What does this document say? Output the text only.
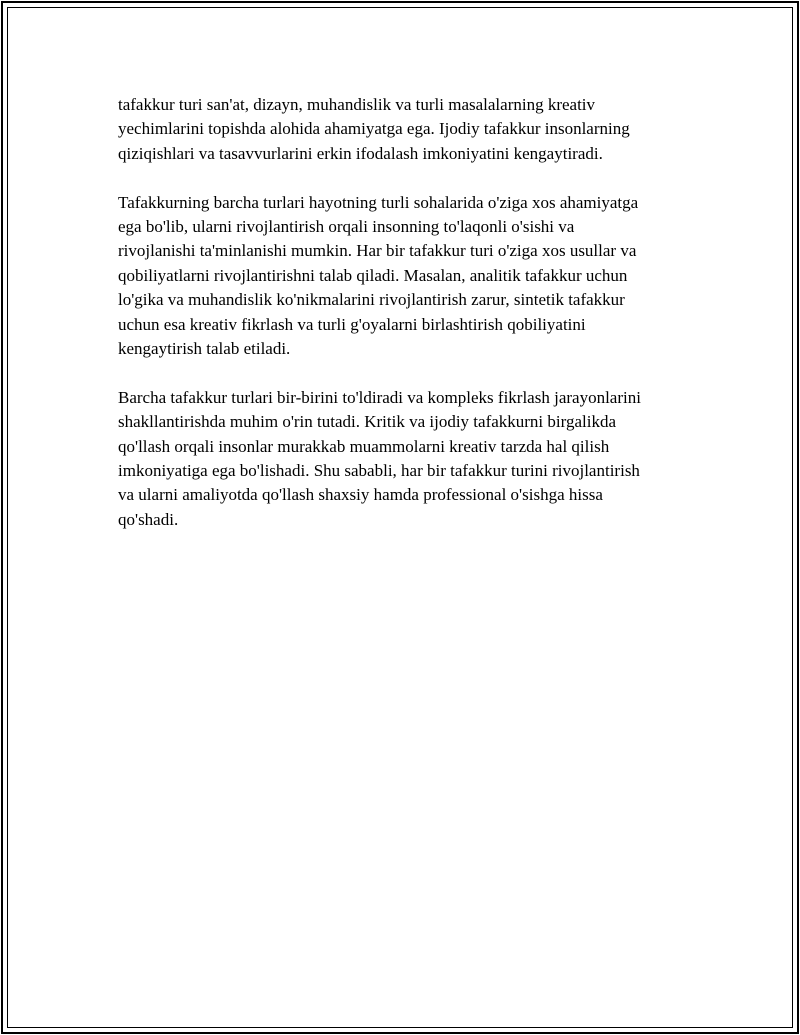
tafakkur turi san'at, dizayn, muhandislik va turli masalalarning kreativ
yechimlarini topishda alohida ahamiyatga ega. Ijodiy tafakkur insonlarning
qiziqishlari va tasavvurlarini erkin ifodalash imkoniyatini kengaytiradi.

Tafakkurning barcha turlari hayotning turli sohalarida o'ziga xos ahamiyatga
ega bo'lib, ularni rivojlantirish orqali insonning to'laqonli o'sishi va
rivojlanishi ta'minlanishi mumkin. Har bir tafakkur turi o'ziga xos usullar va
qobiliyatlarni rivojlantirishni talab qiladi. Masalan, analitik tafakkur uchun
lo'gika va muhandislik ko'nikmalarini rivojlantirish zarur, sintetik tafakkur
uchun esa kreativ fikrlash va turli g'oyalarni birlashtirish qobiliyatini
kengaytirish talab etiladi.

Barcha tafakkur turlari bir-birini to'ldiradi va kompleks fikrlash jarayonlarini
shakllantirishda muhim o'rin tutadi. Kritik va ijodiy tafakkurni birgalikda
qo'llash orqali insonlar murakkab muammolarni kreativ tarzda hal qilish
imkoniyatiga ega bo'lishadi. Shu sababli, har bir tafakkur turini rivojlantirish
va ularni amaliyotda qo'llash shaxsiy hamda professional o'sishga hissa
qo'shadi.
